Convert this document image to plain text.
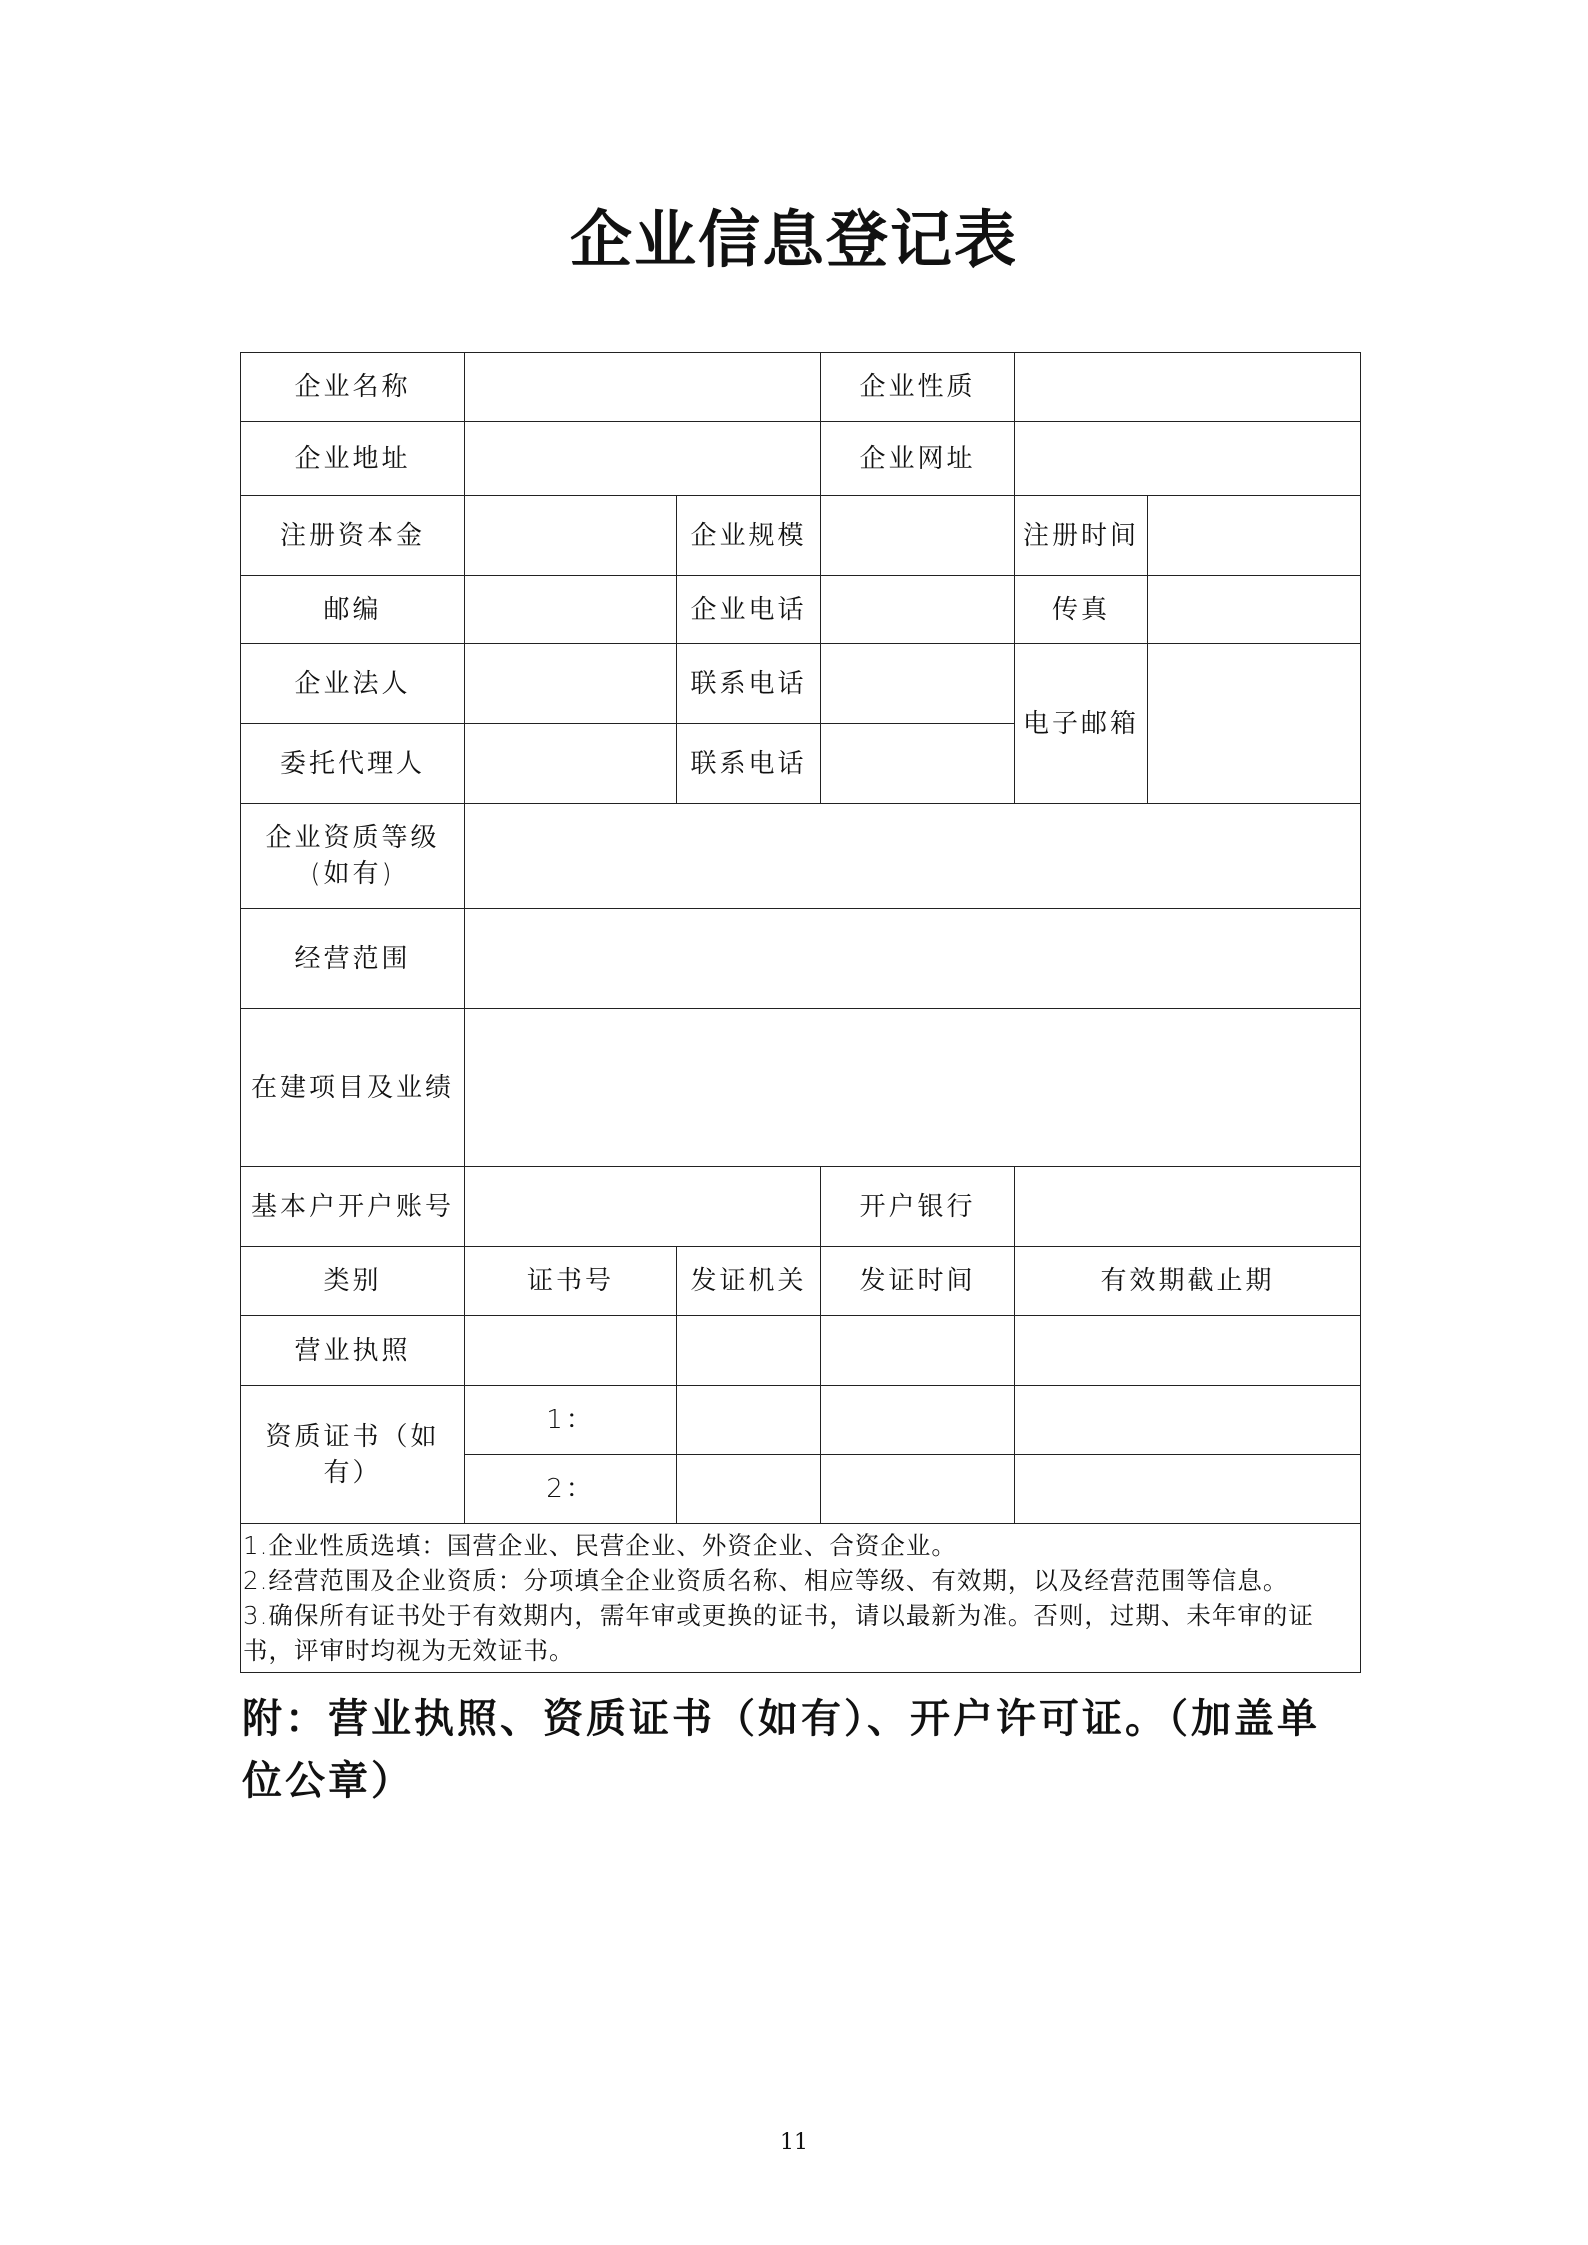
企业信息登记表
企业名称			企业性质		
企业地址			企业网址		
注册资本金		企业规模		注册时间	
邮编		企业电话		传真	
企业法人		联系电话		电子邮箱	
委托代理人		联系电话			
企业资质等级(如有)					
经营范围					
在建项目及业绩					
基本户开户账号			开户银行		
类别	证书号	发证机关	发证时间	有效期截止期	
营业执照					
资质证书（如有）	1：				
	2：				

1.企业性质选填：国营企业、民营企业、外资企业、合资企业。
2.经营范围及企业资质：分项填全企业资质名称、相应等级、有效期，以及经营范围等信息。
3.确保所有证书处于有效期内，需年审或更换的证书，请以最新为准。否则，过期、未年审的证书，评审时均视为无效证书。					

附：营业执照、资质证书（如有）、开户许可证。（加盖单位公章）

11
